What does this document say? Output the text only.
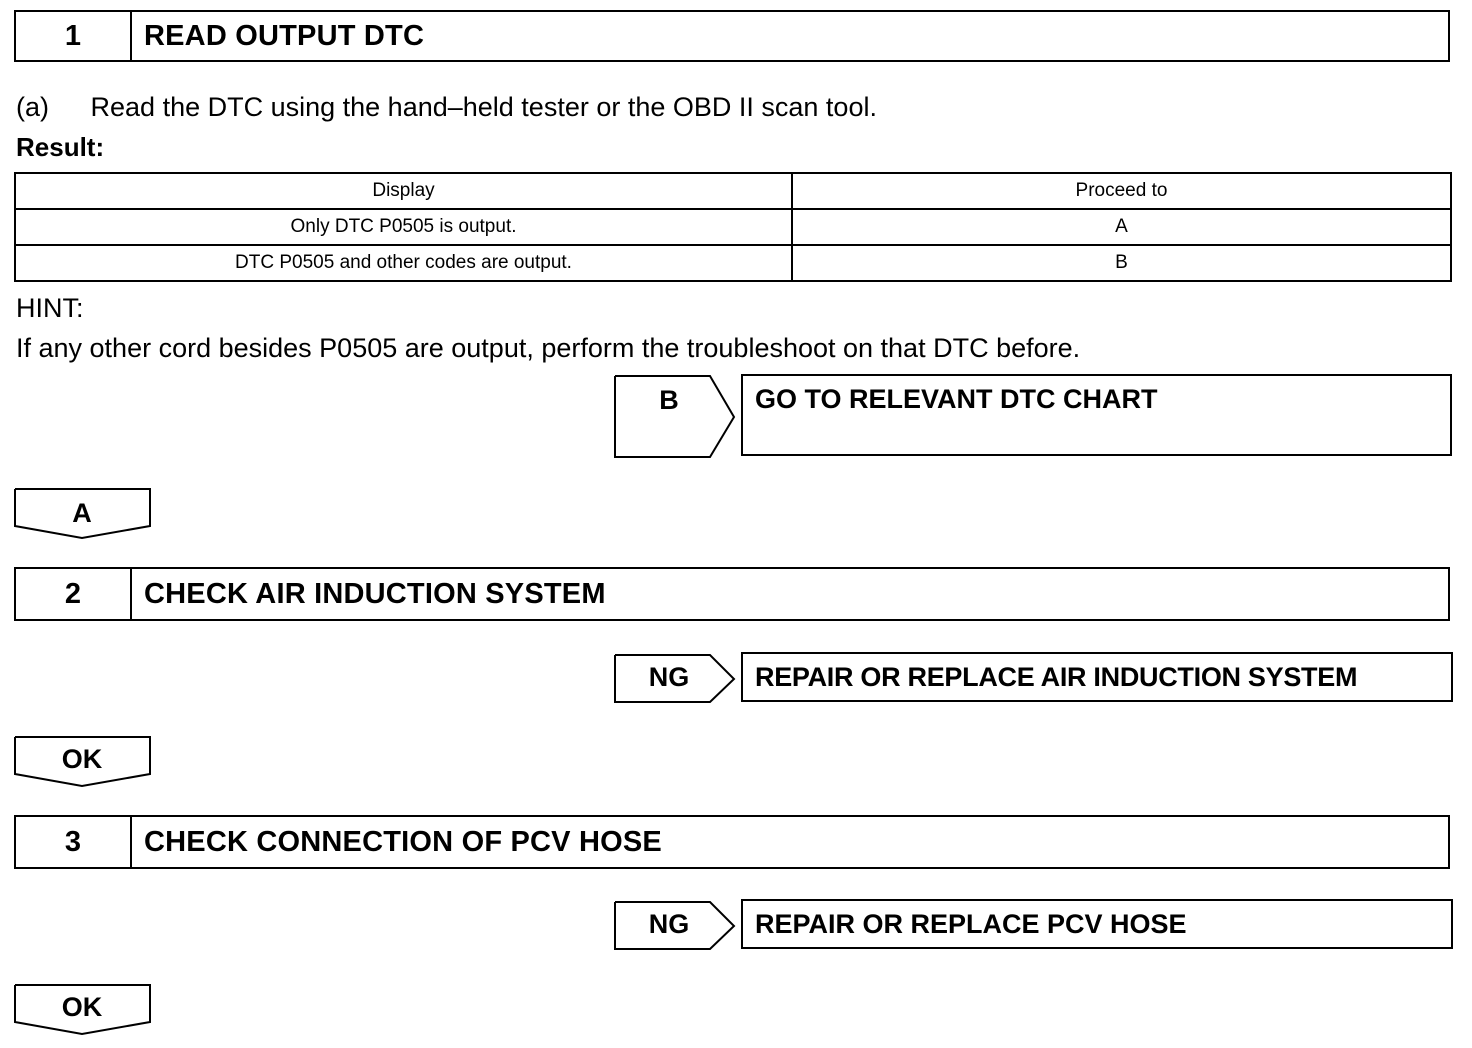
1	READ OUTPUT DTC
(a) Read the DTC using the hand–held tester or the OBD II scan tool.
Result:
Display	Proceed to
Only DTC P0505 is output.	A
DTC P0505 and other codes are output.	B
HINT:
If any other cord besides P0505 are output, perform the troubleshoot on that DTC before.
B	GO TO RELEVANT DTC CHART
A
2	CHECK AIR INDUCTION SYSTEM
NG	REPAIR OR REPLACE AIR INDUCTION SYSTEM
OK
3	CHECK CONNECTION OF PCV HOSE
NG	REPAIR OR REPLACE PCV HOSE
OK
